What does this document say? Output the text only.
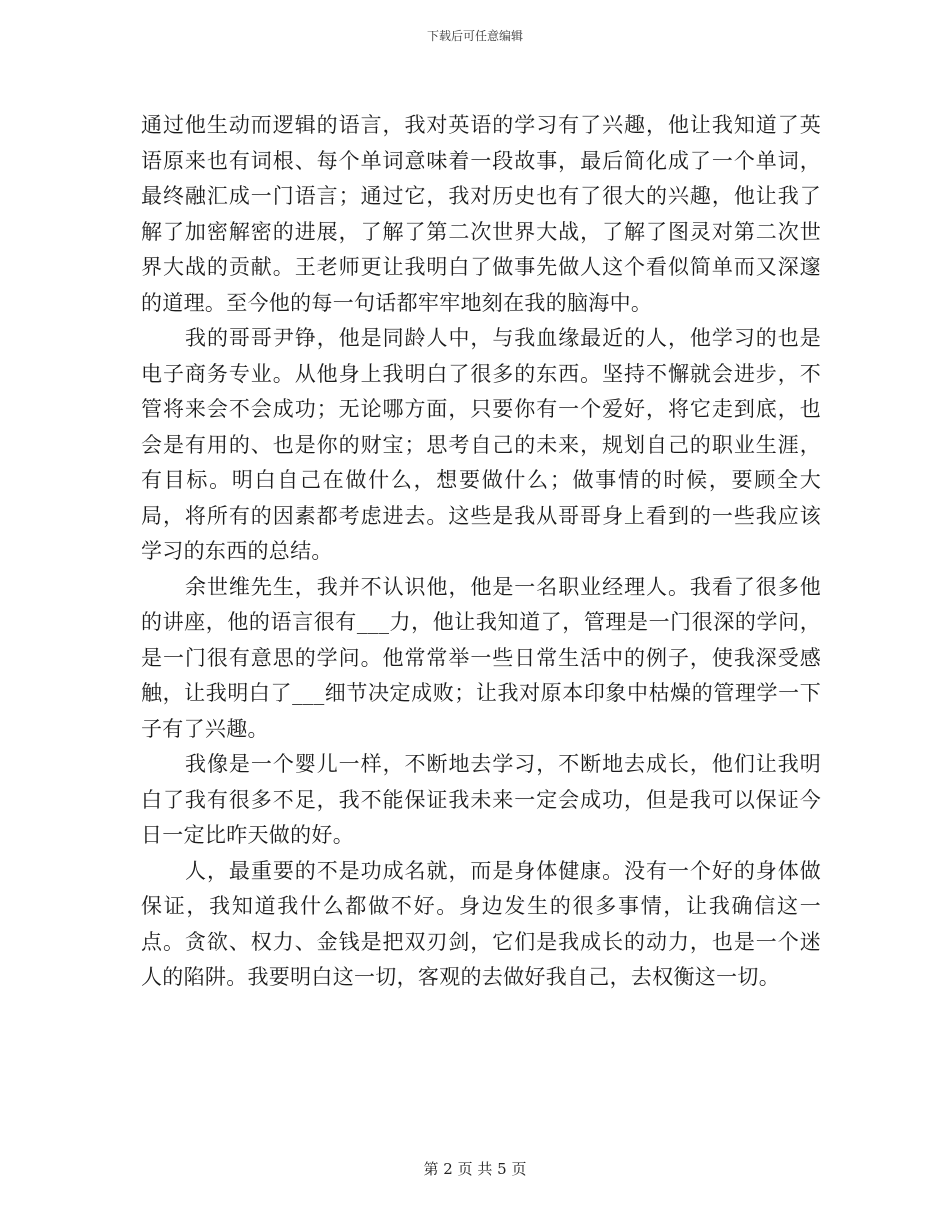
下载后可任意编辑

通过他生动而逻辑的语言，我对英语的学习有了兴趣，他让我知道了英语原来也有词根、每个单词意味着一段故事，最后简化成了一个单词，最终融汇成一门语言；通过它，我对历史也有了很大的兴趣，他让我了解了加密解密的进展，了解了第二次世界大战，了解了图灵对第二次世界大战的贡献。王老师更让我明白了做事先做人这个看似简单而又深邃的道理。至今他的每一句话都牢牢地刻在我的脑海中。

我的哥哥尹铮，他是同龄人中，与我血缘最近的人，他学习的也是电子商务专业。从他身上我明白了很多的东西。坚持不懈就会进步，不管将来会不会成功；无论哪方面，只要你有一个爱好，将它走到底，也会是有用的、也是你的财宝；思考自己的未来，规划自己的职业生涯，有目标。明白自己在做什么，想要做什么；做事情的时候，要顾全大局，将所有的因素都考虑进去。这些是我从哥哥身上看到的一些我应该学习的东西的总结。

余世维先生，我并不认识他，他是一名职业经理人。我看了很多他的讲座，他的语言很有___力，他让我知道了，管理是一门很深的学问，是一门很有意思的学问。他常常举一些日常生活中的例子，使我深受感触，让我明白了___细节决定成败；让我对原本印象中枯燥的管理学一下子有了兴趣。

我像是一个婴儿一样，不断地去学习，不断地去成长，他们让我明白了我有很多不足，我不能保证我未来一定会成功，但是我可以保证今日一定比昨天做的好。

人，最重要的不是功成名就，而是身体健康。没有一个好的身体做保证，我知道我什么都做不好。身边发生的很多事情，让我确信这一点。贪欲、权力、金钱是把双刃剑，它们是我成长的动力，也是一个迷人的陷阱。我要明白这一切，客观的去做好我自己，去权衡这一切。

第 2 页 共 5 页
